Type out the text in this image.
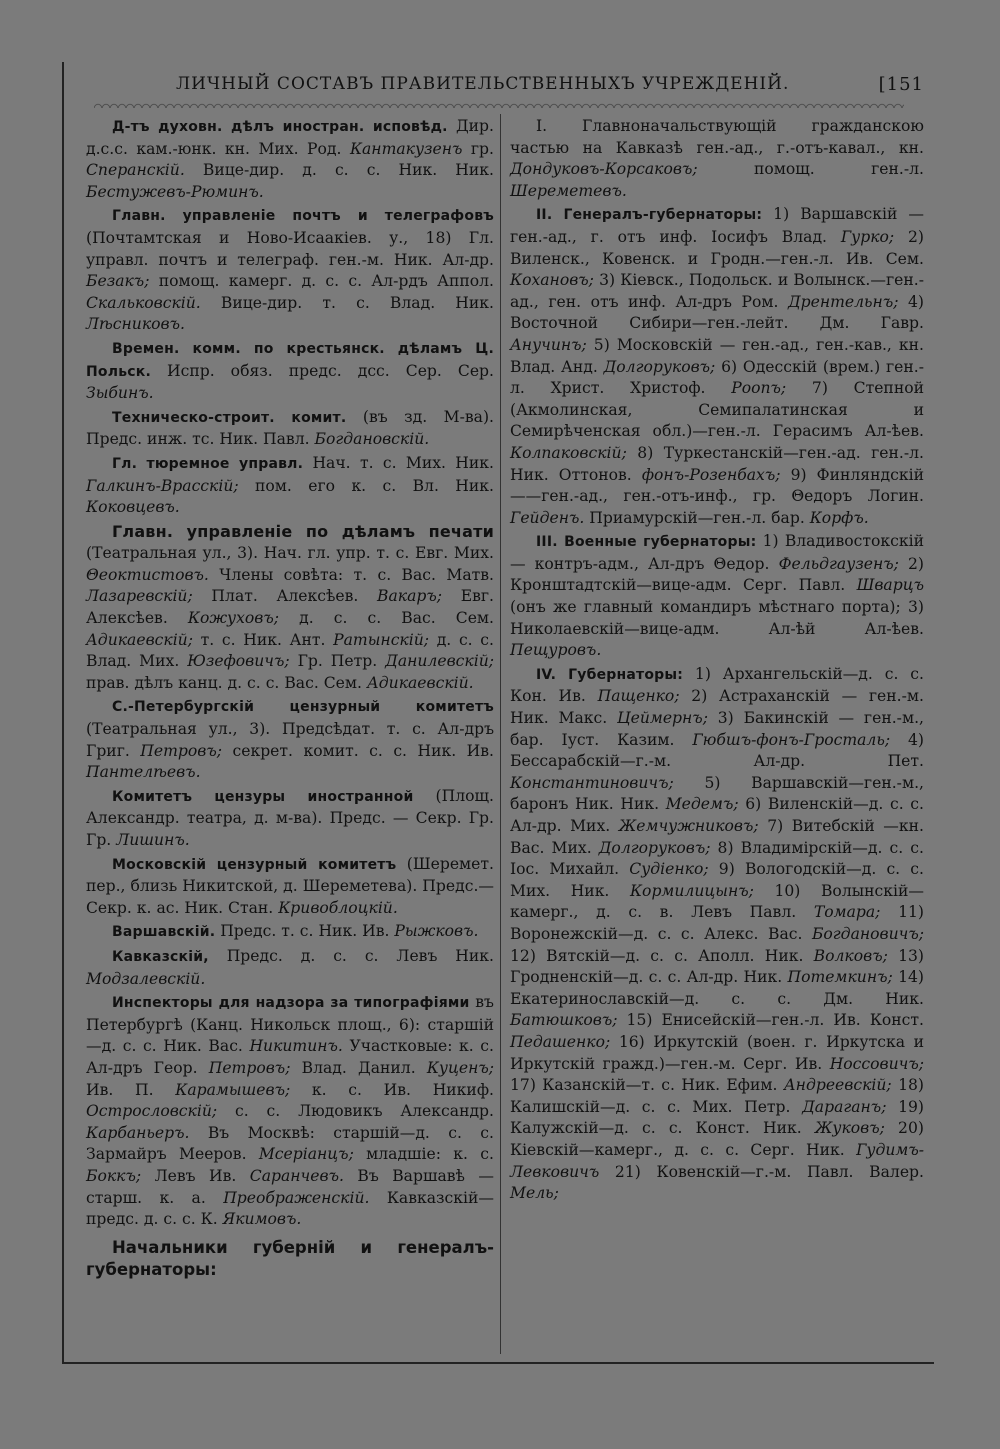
ЛИЧНЫЙ СОСТАВЪ ПРАВИТЕЛЬСТВЕННЫХЪ УЧРЕЖДЕНІЙ.	[151

Д-тъ духовн. дѣлъ иностран. исповѣд. Дир. д.с.с. кам.-юнк. кн. Мих. Род. Кантакузенъ гр. Сперанскій. Вице-дир. д. с. с. Ник. Ник. Бестужевъ-Рюминъ.

Главн. управленіе почтъ и телеграфовъ (Почтамтская и Ново-Исаакіев. у., 18) Гл. управл. почтъ и телеграф. ген.-м. Ник. Ал-др. Безакъ; помощ. камерг. д. с. с. Ал-рдъ Аппол. Скальковскій. Вице-дир. т. с. Влад. Ник. Лѣсниковъ.

Времен. комм. по крестьянск. дѣламъ Ц. Польск. Испр. обяз. предс. дсс. Сер. Сер. Зыбинъ.

Техническо-строит. комит. (въ зд. М-ва). Предс. инж. тс. Ник. Павл. Богдановскій.

Гл. тюремное управл. Нач. т. с. Мих. Ник. Галкинъ-Врасскій; пом. его к. с. Вл. Ник. Коковцевъ.

Главн. управленіе по дѣламъ печати (Театральная ул., 3). Нач. гл. упр. т. с. Евг. Мих. Θеоктистовъ. Члены совѣта: т. с. Вас. Матв. Лазаревскій; Плат. Алексѣев. Вакаръ; Евг. Алексѣев. Кожуховъ; д. с. с. Вас. Сем. Адикаевскій; т. с. Ник. Ант. Ратынскій; д. с. с. Влад. Мих. Юзефовичъ; Гр. Петр. Данилевскій; прав. дѣлъ канц. д. с. с. Вас. Сем. Адикаевскій.

С.-Петербургскій цензурный комитетъ (Театральная ул., 3). Предсѣдат. т. с. Ал-дръ Григ. Петровъ; секрет. комит. с. с. Ник. Ив. Пантелѣевъ.

Комитетъ цензуры иностранной (Площ. Александр. театра, д. м-ва). Предс. — Секр. Гр. Гр. Лишинъ.

Московскій цензурный комитетъ (Шеремет. пер., близь Никитской, д. Шереметева). Предс.—Секр. к. ас. Ник. Стан. Кривоблоцкій.

Варшавскій. Предс. т. с. Ник. Ив. Рыжковъ.

Кавказскій, Предс. д. с. с. Левъ Ник. Модзалевскій.

Инспекторы для надзора за типографіями въ Петербургѣ (Канц. Никольск площ., 6): старшій—д. с. с. Ник. Вас. Никитинъ. Участковые: к. с. Ал-дръ Геор. Петровъ; Влад. Данил. Куценъ; Ив. П. Карамышевъ; к. с. Ив. Никиф. Острословскій; с. с. Людовикъ Александр. Карбаньеръ. Въ Москвѣ: старшій—д. с. с. Зармайръ Мееров. Мсеріанцъ; младшіе: к. с. Боккъ; Левъ Ив. Саранчевъ. Въ Варшавѣ — старш. к. а. Преображенскій. Кавказскій—предс. д. с. с. К. Якимовъ.

Начальники губерній и генералъ-губернаторы:

I. Главноначальствующій гражданскою частью на Кавказѣ ген.-ад., г.-отъ-кавал., кн. Дондуковъ-Корсаковъ; помощ. ген.-л. Шереметевъ.

II. Генералъ-губернаторы: 1) Варшавскій — ген.-ад., г. отъ инф. Іосифъ Влад. Гурко; 2) Виленск., Ковенск. и Гродн.—ген.-л. Ив. Сем. Кохановъ; 3) Кіевск., Подольск. и Волынск.—ген.-ад., ген. отъ инф. Ал-дръ Ром. Дрентельнъ; 4) Восточной Сибири—ген.-лейт. Дм. Гавр. Анучинъ; 5) Московскій — ген.-ад., ген.-кав., кн. Влад. Анд. Долгоруковъ; 6) Одесскій (врем.) ген.-л. Христ. Христоф. Роопъ; 7) Степной (Акмолинская, Семипалатинская и Семирѣченская обл.)—ген.-л. Герасимъ Ал-ѣев. Колпаковскій; 8) Туркестанскій—ген.-ад. ген.-л. Ник. Оттонов. фонъ-Розенбахъ; 9) Финляндскій——ген.-ад., ген.-отъ-инф., гр. Θедоръ Логин. Гейденъ. Приамурскій—ген.-л. бар. Корфъ.

III. Военные губернаторы: 1) Владивостокскій — контръ-адм., Ал-дръ Θедор. Фельдгаузенъ; 2) Кронштадтскій—вице-адм. Серг. Павл. Шварцъ (онъ же главный командиръ мѣстнаго порта); 3) Николаевскій—вице-адм. Ал-ѣй Ал-ѣев. Пещуровъ.

IV. Губернаторы: 1) Архангельскій—д. с. с. Кон. Ив. Пащенко; 2) Астраханскій — ген.-м. Ник. Макс. Цеймернъ; 3) Бакинскій — ген.-м., бар. Іуст. Казим. Гюбшъ-фонъ-Гросталь; 4) Бессарабскій—г.-м. Ал-др. Пет. Константиновичъ; 5) Варшавскій—ген.-м., баронъ Ник. Ник. Медемъ; 6) Виленскій—д. с. с. Ал-др. Мих. Жемчужниковъ; 7) Витебскій —кн. Вас. Мих. Долгоруковъ; 8) Владимірскій—д. с. с. Іос. Михайл. Судіенко; 9) Вологодскій—д. с. с. Мих. Ник. Кормилицынъ; 10) Волынскій—камерг., д. с. в. Левъ Павл. Томара; 11) Воронежскій—д. с. с. Алекс. Вас. Богдановичъ; 12) Вятскій—д. с. с. Аполл. Ник. Волковъ; 13) Гродненскій—д. с. с. Ал-др. Ник. Потемкинъ; 14) Екатеринославскій—д. с. с. Дм. Ник. Батюшковъ; 15) Енисейскій—ген.-л. Ив. Конст. Педашенко; 16) Иркутскій (воен. г. Иркутска и Иркутскій гражд.)—ген.-м. Серг. Ив. Носсовичъ; 17) Казанскій—т. с. Ник. Ефим. Андреевскій; 18) Калишскій—д. с. с. Мих. Петр. Дараганъ; 19) Калужскій—д. с. с. Конст. Ник. Жуковъ; 20) Кіевскій—камерг., д. с. с. Серг. Ник. Гудимъ-Левковичъ 21) Ковенскій—г.-м. Павл. Валер. Мель;
